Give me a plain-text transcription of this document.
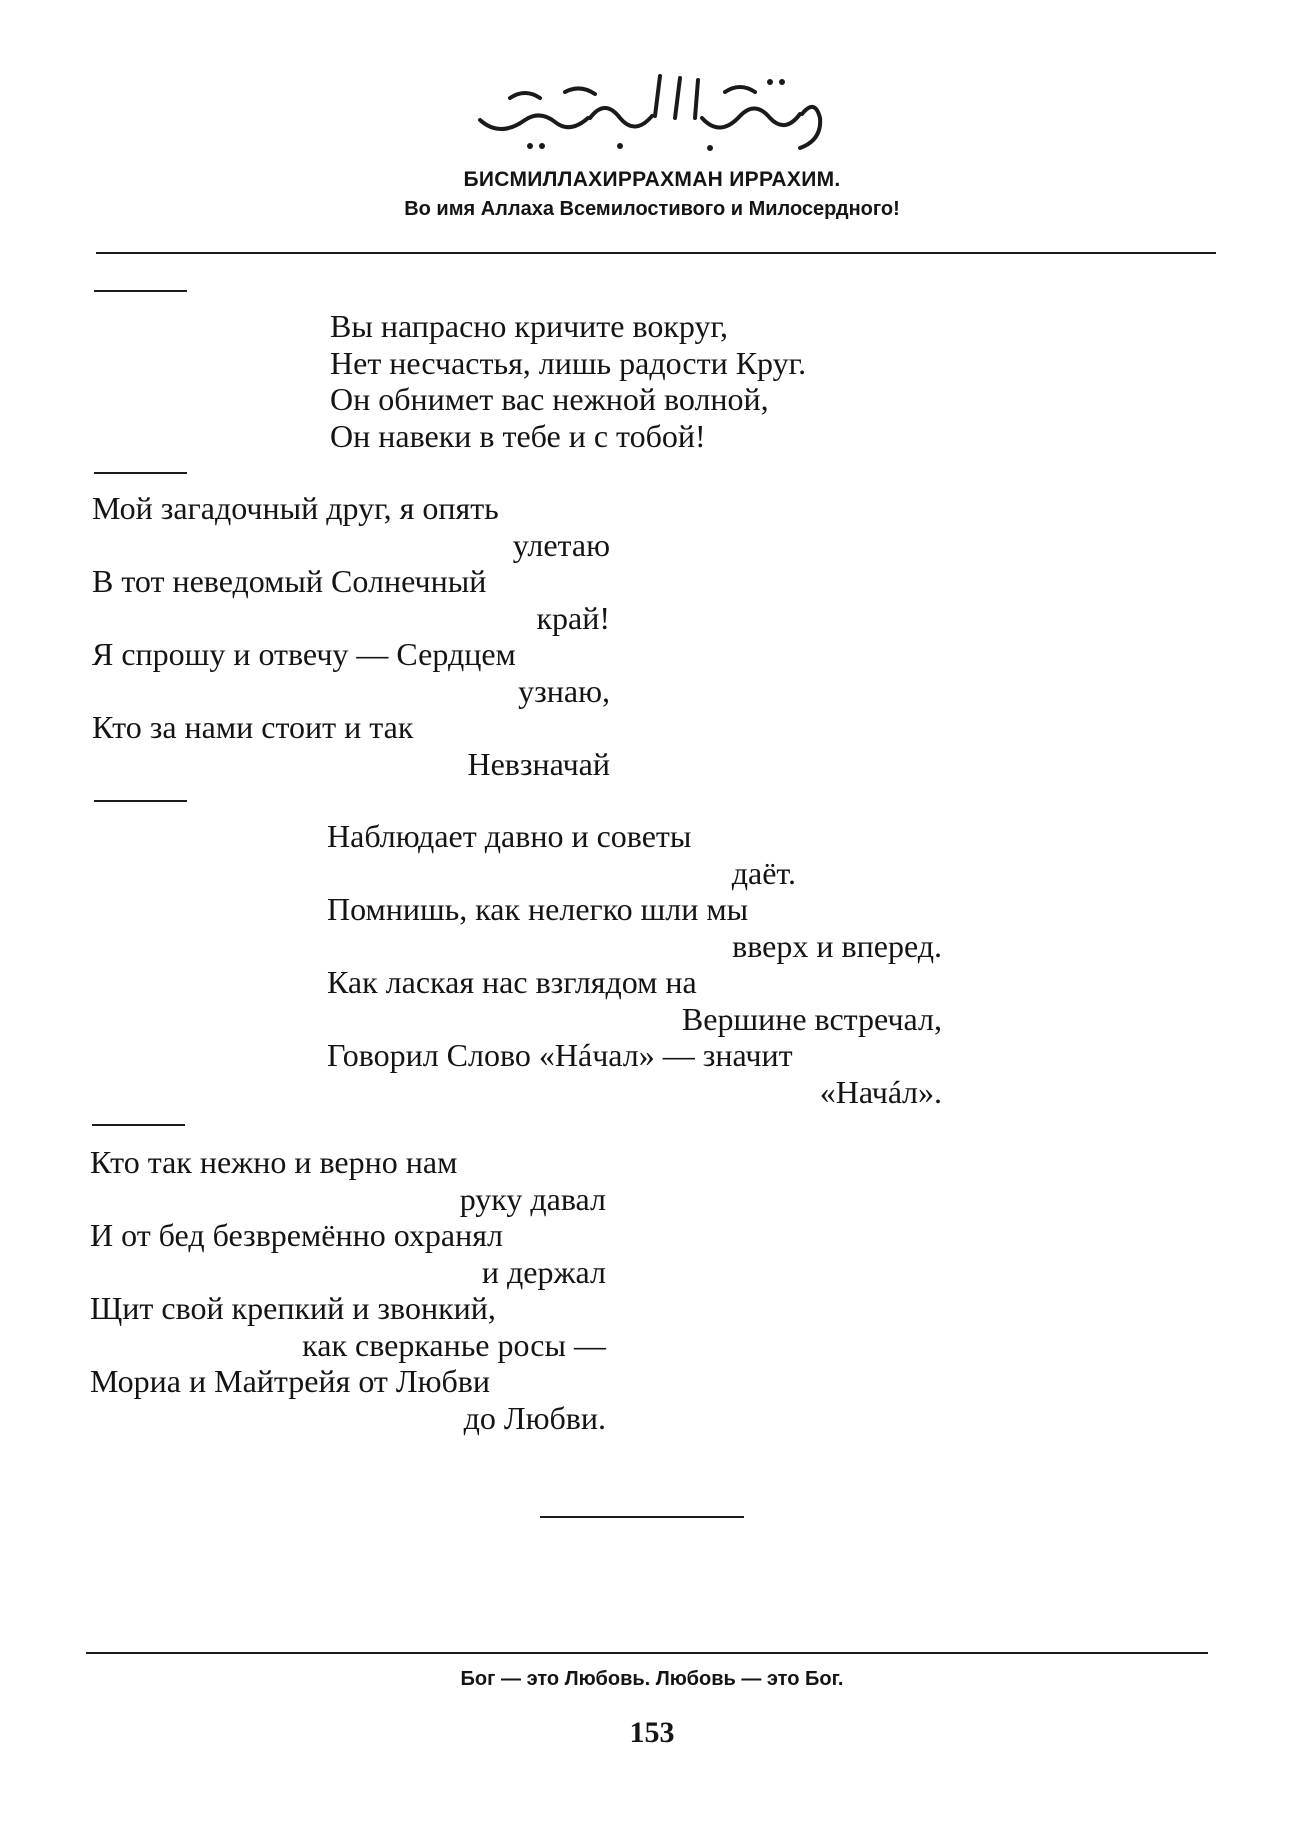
БИСМИЛЛАХИРРАХМАН ИРРАХИМ.
Во имя Аллаха Всемилостивого и Милосердного!
Вы напрасно кричите вокруг,
Нет несчастья, лишь радости Круг.
Он обнимет вас нежной волной,
Он навеки в тебе и с тобой!
Мой загадочный друг, я опять
улетаю
В тот неведомый Солнечный
край!
Я спрошу и отвечу — Сердцем
узнаю,
Кто за нами стоит и так
Невзначай
Наблюдает давно и советы
даёт.
Помнишь, как нелегко шли мы
вверх и вперед.
Как лаская нас взглядом на
Вершине встречал,
Говорил Слово «Нáчал» — значит
«Начáл».
Кто так нежно и верно нам
руку давал
И от бед безвремённо охранял
и держал
Щит свой крепкий и звонкий,
как сверканье росы —
Мориа и Майтрейя от Любви
до Любви.
Бог — это Любовь. Любовь — это Бог.
153
